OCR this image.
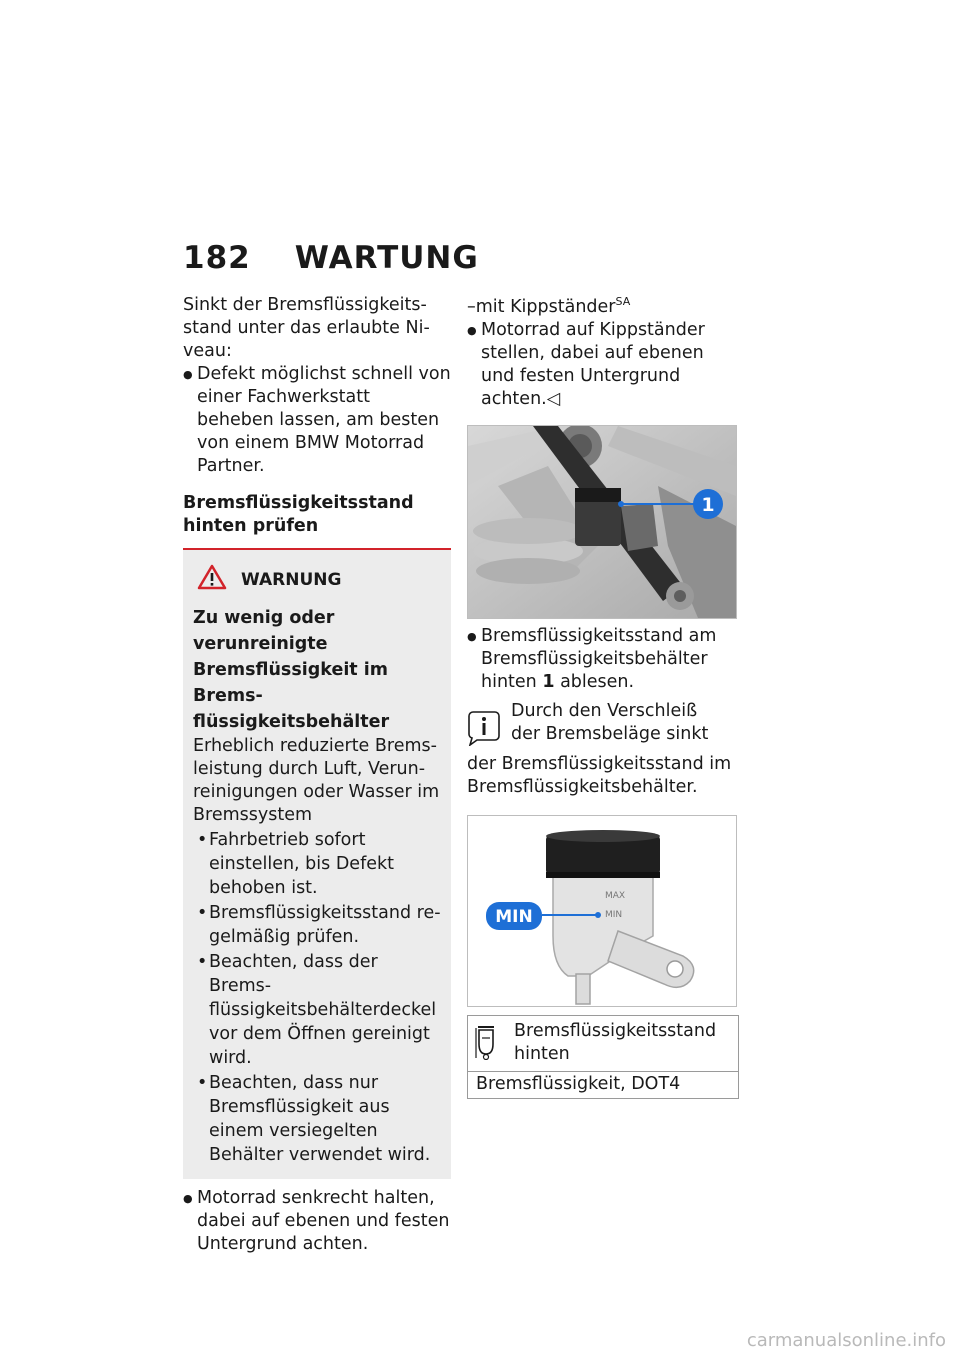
182 WARTUNG

Sinkt der Bremsflüssigkeitsstand unter das erlaubte Niveau:

● Defekt möglichst schnell von einer Fachwerkstatt beheben lassen, am besten von einem BMW Motorrad Partner.

Bremsflüssigkeitsstand hinten prüfen

WARNUNG

Zu wenig oder verunreinigte Bremsflüssigkeit im Bremsflüssigkeitsbehälter

Erheblich reduzierte Bremsleistung durch Luft, Verunreinigungen oder Wasser im Bremssystem

• Fahrbetrieb sofort einstellen, bis Defekt behoben ist.
• Bremsflüssigkeitsstand regelmäßig prüfen.
• Beachten, dass der Bremsflüssigkeitsbehälterdeckel vor dem Öffnen gereinigt wird.
• Beachten, dass nur Bremsflüssigkeit aus einem versiegelten Behälter verwendet wird.
● Motorrad senkrecht halten, dabei auf ebenen und festen Untergrund achten.

–mit Kippständer$^{SA}$

● Motorrad auf Kippständer stellen, dabei auf ebenen und festen Untergrund achten.◁
1
● Bremsflüssigkeitsstand am Bremsflüssigkeitsbehälter hinten 1 ablesen.

Durch den Verschleiß der Bremsbeläge sinkt

der Bremsflüssigkeitsstand im Bremsflüssigkeitsbehälter.

MAX
MIN
MIN
Bremsflüssigkeitsstand hinten
Bremsflüssigkeit, DOT4
carmanualsonline.info
